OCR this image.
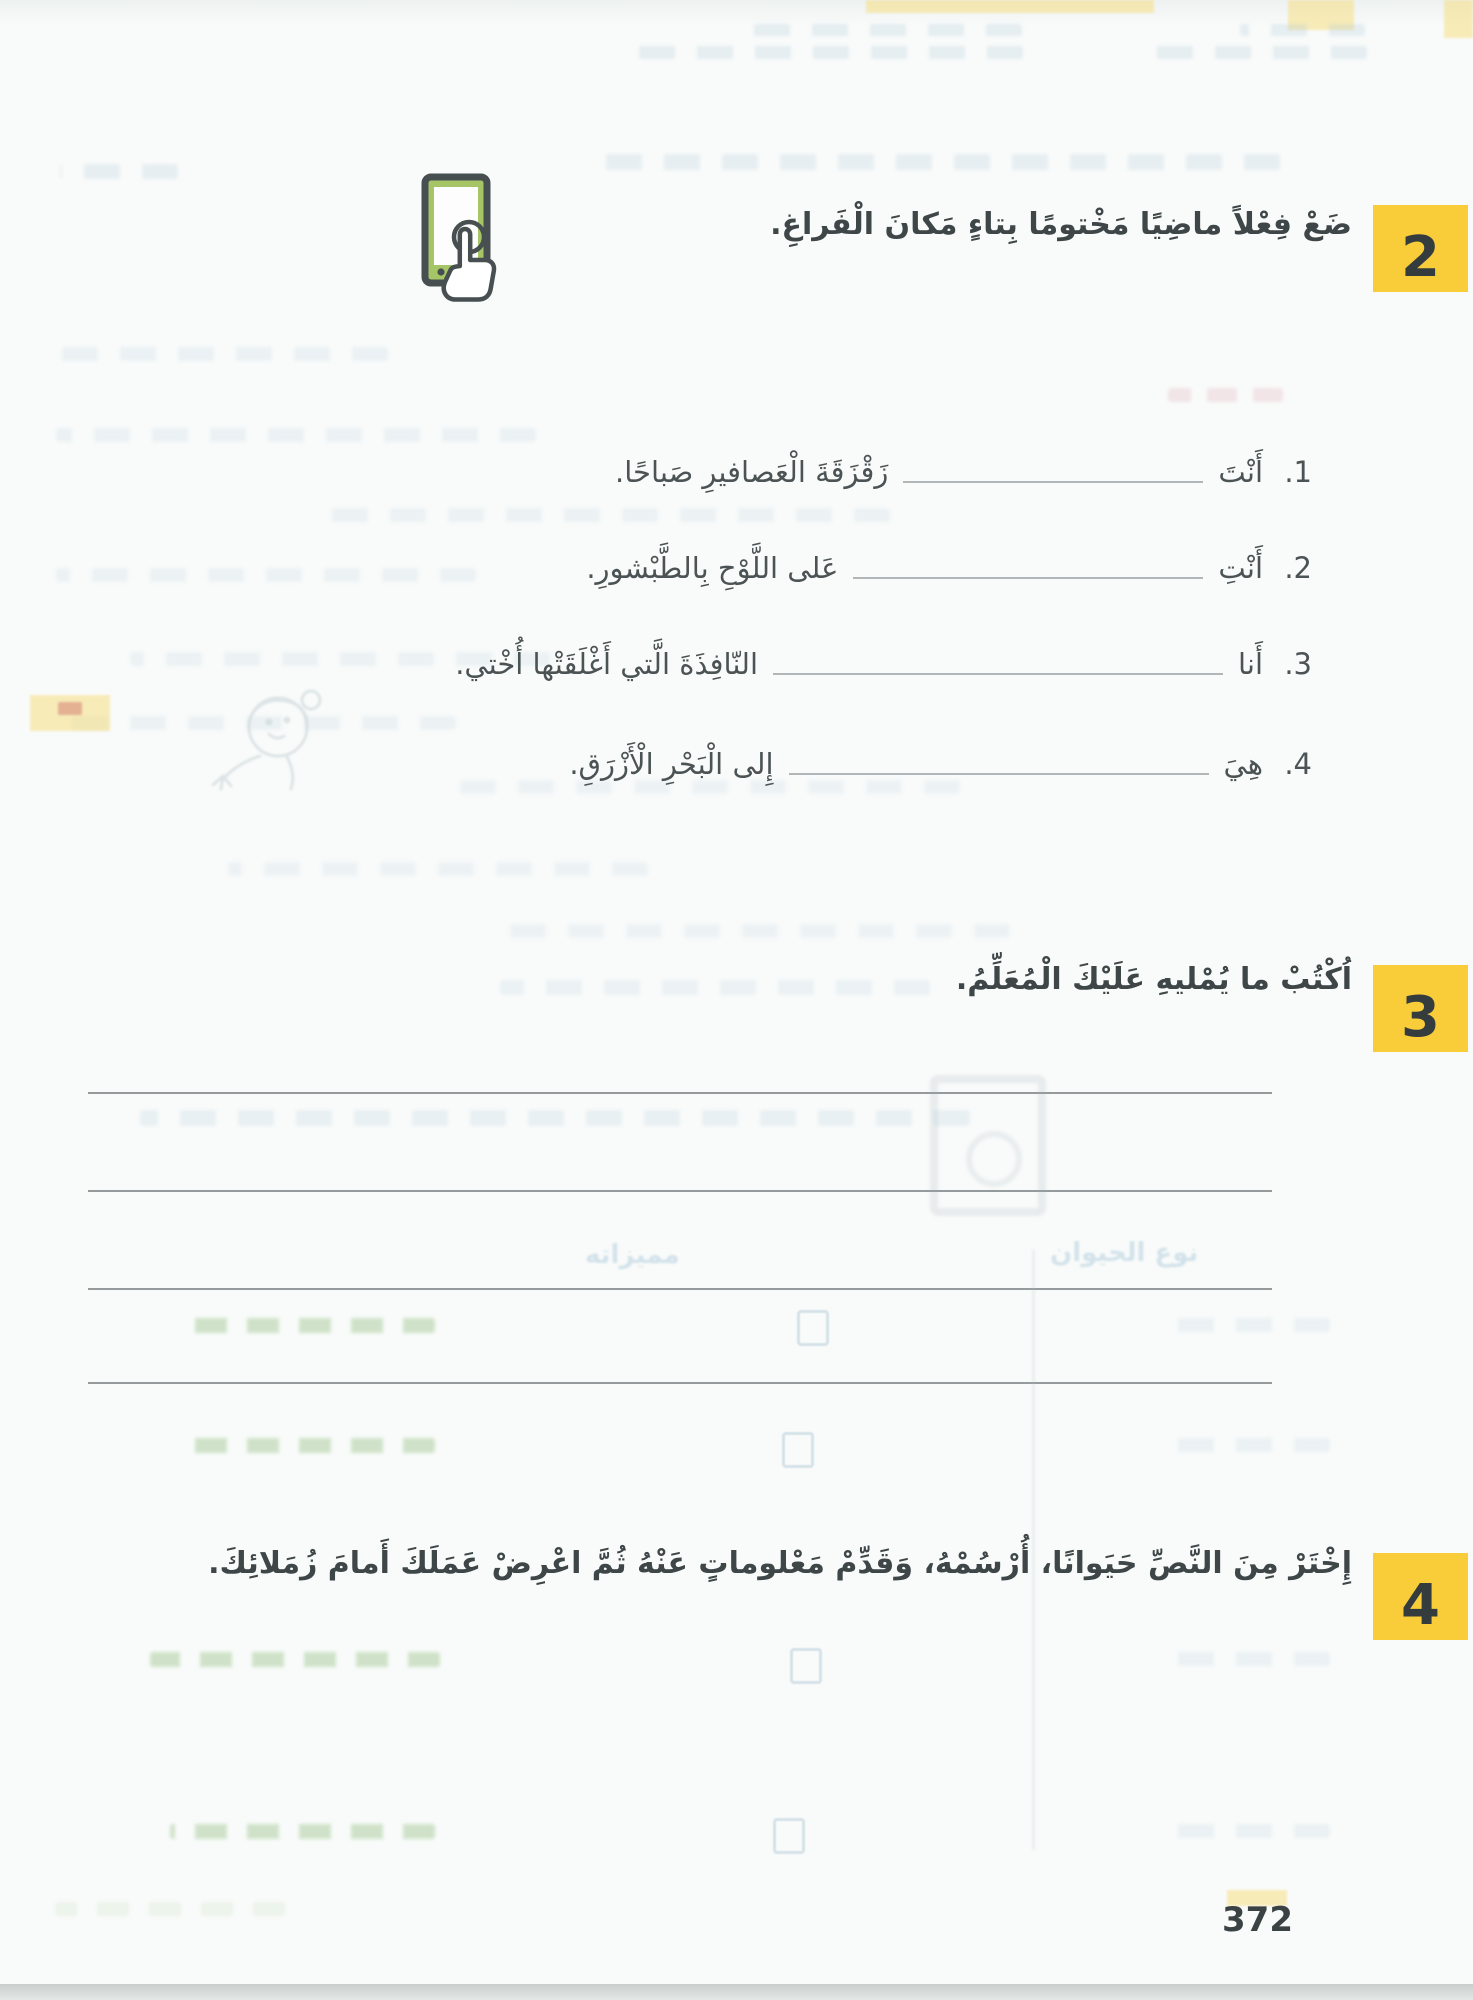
2
ضَعْ فِعْلاً ماضِيًا مَخْتومًا بِتاءٍ مَكانَ الْفَراغِ.
1.
أَنْتَ
زَقْزَقَةَ الْعَصافيرِ صَباحًا.
2.
أَنْتِ
عَلى اللَّوْحِ بِالطَّبْشورِ.
3.
أَنا
النّافِذَةَ الَّتي أَغْلَقَتْها أُخْتي.
4.
هِيَ
إِلى الْبَحْرِ الْأَزْرَقِ.
3
اُكْتُبْ ما يُمْليهِ عَلَيْكَ الْمُعَلِّمُ.
نوع الحيوان
مميزاته
4
إِخْتَرْ مِنَ النَّصِّ حَيَوانًا، أُرْسُمْهُ، وَقَدِّمْ مَعْلوماتٍ عَنْهُ ثُمَّ اعْرِضْ عَمَلَكَ أَمامَ زُمَلائِكَ.
372
